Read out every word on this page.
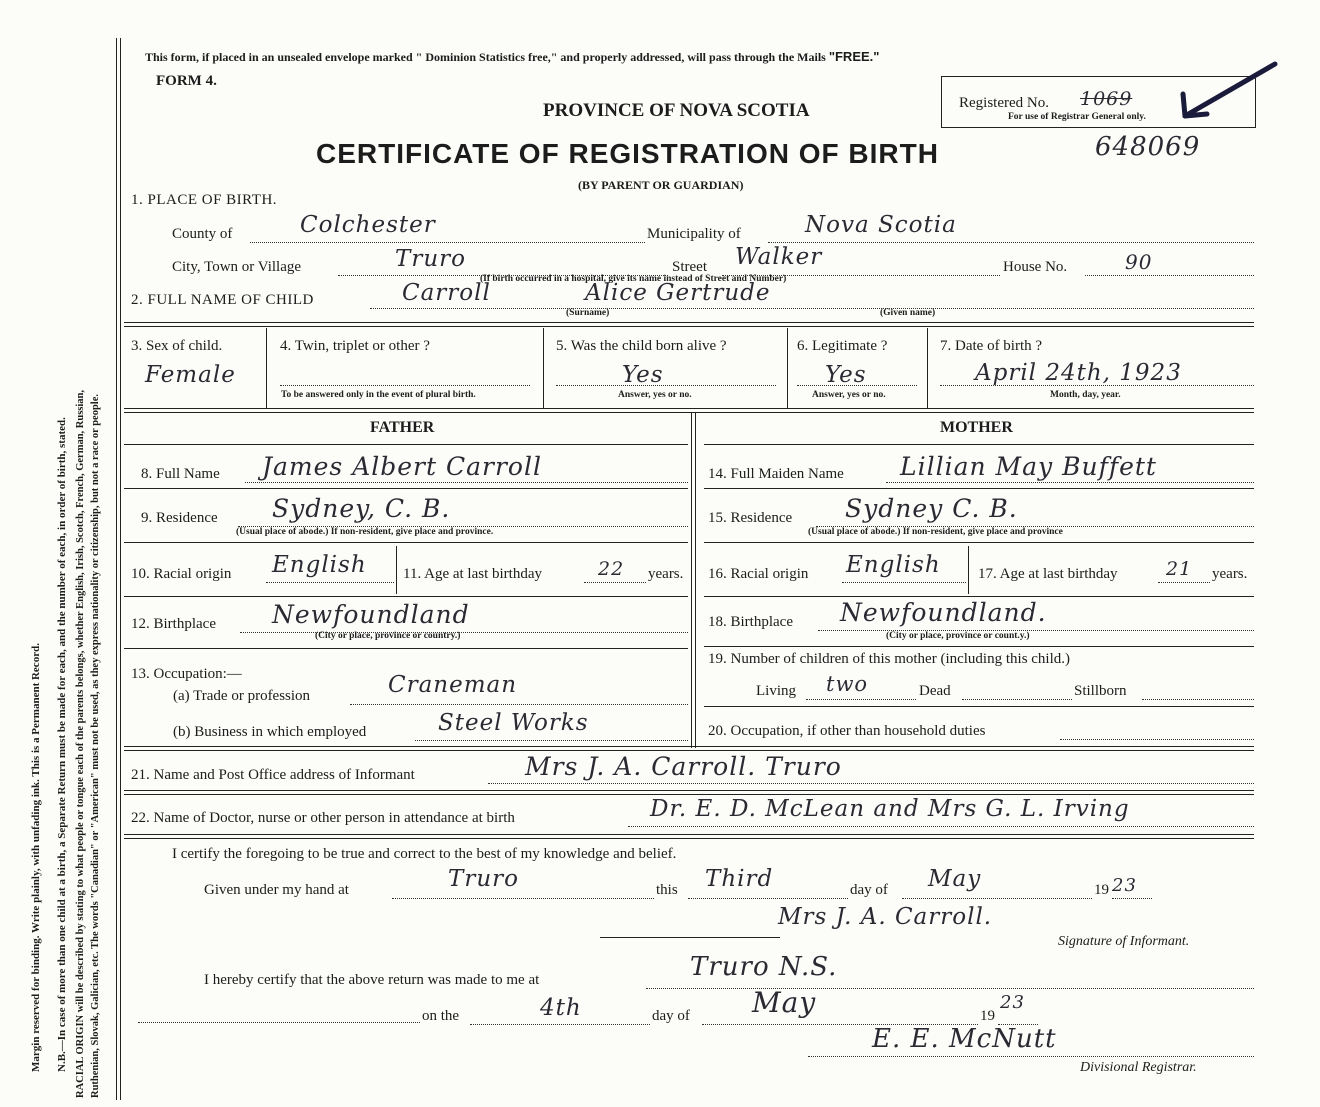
Margin reserved for binding. Write plainly, with unfading ink. This is a Permanent Record. N.B.—In case of more than one child at a birth, a Separate Return must be made for each, and the number of each, in order of birth, stated. RACIAL ORIGIN will be described by stating to what people or tongue each of the parents belongs, whether English, Irish, Scotch, French, German, Russian, Ruthenian, Slovak, Galician, etc. The words "Canadian" or "American" must not be used, as they express nationality or citizenship, but not a race or people.
This form, if placed in an unsealed envelope marked " Dominion Statistics free," and properly addressed, will pass through the Mails "FREE."
FORM 4.
PROVINCE OF NOVA SCOTIA
CERTIFICATE OF REGISTRATION OF BIRTH
(BY PARENT OR GUARDIAN)
Registered No. 1069
For use of Registrar General only.
648069
1. PLACE OF BIRTH.
County of	Colchester	Municipality of	Nova Scotia
City, Town or Village	Truro
(If birth occurred in a hospital, give its name instead of Street and Number)
Street Walker	House No.	90
2. FULL NAME OF CHILD	Carroll	Alice Gertrude
(Surname)	(Given name)
3. Sex of child.
Female
4. Twin, triplet or other ?
To be answered only in the event of plural birth.
5. Was the child born alive ?
Yes
Answer, yes or no.
6. Legitimate ?
Yes
Answer, yes or no.
7. Date of birth ?
April 24th, 1923
Month, day, year.
FATHER	MOTHER
8. Full Name James Albert Carroll
9. Residence Sydney, C. B.
(Usual place of abode.) If non-resident, give place and province.
10. Racial origin English 11. Age at last birthday	22 years.
12. Birthplace Newfoundland
(City or place, province or country.)
13. Occupation:—
(a) Trade or profession	Craneman
(b) Business in which employed	Steel Works
14. Full Maiden Name Lillian May Buffett
15. Residence Sydney C. B.
(Usual place of abode.) If non-resident, give place and province
16. Racial origin English 17. Age at last birthday	21 years.
18. Birthplace Newfoundland.
(City or place, province or count.y.)
19. Number of children of this mother (including this child.)
Living two	Dead	Stillborn
20. Occupation, if other than household duties
21. Name and Post Office address of Informant	Mrs J. A. Carroll. Truro
22. Name of Doctor, nurse or other person in attendance at birth	Dr. E. D. McLean and Mrs G. L. Irving
I certify the foregoing to be true and correct to the best of my knowledge and belief.
Given under my hand at	Truro	this Third	day of May	19 23
Mrs J. A. Carroll.
Signature of Informant.
I hereby certify that the above return was made to me at	Truro N.S.
on the	4th	day of May	19
23
E. E. McNutt
Divisional Registrar.
